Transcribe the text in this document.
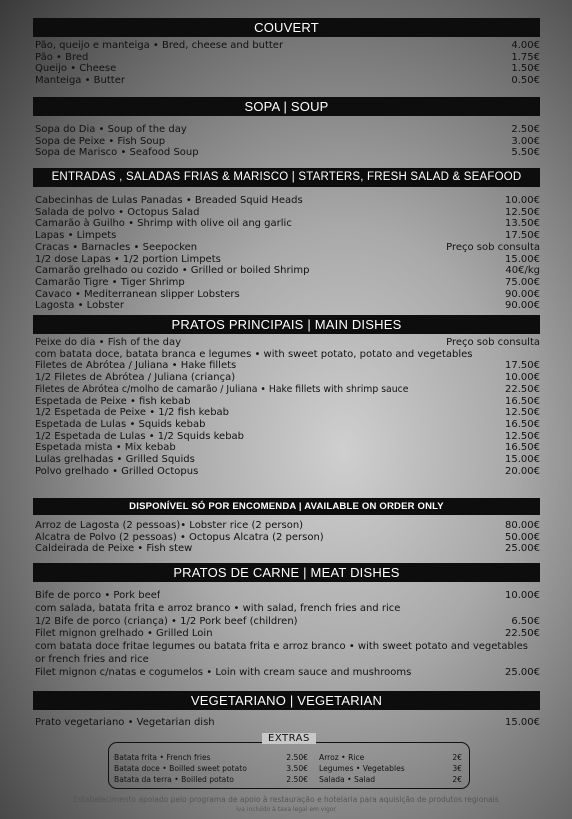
COUVERT
Pão, queijo e manteiga • Bred, cheese and butter	4.00€
Pão • Bred	1.75€
Queijo • Cheese	1.50€
Manteiga • Butter	0.50€
SOPA | SOUP
Sopa do Dia • Soup of the day	2.50€
Sopa de Peixe • Fish Soup	3.00€
Sopa de Marisco • Seafood Soup	5.50€
ENTRADAS , SALADAS FRIAS & MARISCO | STARTERS, FRESH SALAD & SEAFOOD
Cabecinhas de Lulas Panadas • Breaded Squid Heads	10.00€
Salada de polvo • Octopus Salad	12.50€
Camarão à Guilho • Shrimp with olive oil ang garlic	13.50€
Lapas • Limpets	17.50€
Cracas • Barnacles • Seepocken	Preço sob consulta
1/2 dose Lapas • 1/2 portion Limpets	15.00€
Camarão grelhado ou cozido • Grilled or boiled Shrimp	40€/kg
Camarão Tigre • Tiger Shrimp	75.00€
Cavaco • Mediterranean slipper Lobsters	90.00€
Lagosta • Lobster	90.00€
PRATOS PRINCIPAIS | MAIN DISHES
Peixe do dia • Fish of the day	Preço sob consulta
com batata doce, batata branca e legumes • with sweet potato, potato and vegetables
Filetes de Abrótea / Juliana • Hake fillets	17.50€
1/2 Filetes de Abrótea / Juliana (criança)	10.00€
Filetes de Abrótea c/molho de camarão / Juliana • Hake fillets with shrimp sauce	22.50€
Espetada de Peixe • fish kebab	16.50€
1/2 Espetada de Peixe • 1/2 fish kebab	12.50€
Espetada de Lulas • Squids kebab	16.50€
1/2 Espetada de Lulas • 1/2 Squids kebab	12.50€
Espetada mista • Mix kebab	16.50€
Lulas grelhadas • Grilled Squids	15.00€
Polvo grelhado • Grilled Octopus	20.00€
DISPONÍVEL SÓ POR ENCOMENDA | AVAILABLE ON ORDER ONLY
Arroz de Lagosta (2 pessoas)• Lobster rice (2 person)	80.00€
Alcatra de Polvo (2 pessoas) • Octopus Alcatra (2 person)	50.00€
Caldeirada de Peixe • Fish stew	25.00€
PRATOS DE CARNE | MEAT DISHES
Bife de porco • Pork beef	10.00€
com salada, batata frita e arroz branco • with salad, french fries and rice
1/2 Bife de porco (criança) • 1/2 Pork beef (children)	6.50€
Filet mignon grelhado • Grilled Loin	22.50€
com batata doce fritae legumes ou batata frita e arroz branco • with sweet potato and vegetables or french fries and rice
Filet mignon c/natas e cogumelos • Loin with cream sauce and mushrooms	25.00€
VEGETARIANO | VEGETARIAN
Prato vegetariano • Vegetarian dish	15.00€
EXTRAS
Batata frita • French fries	2.50€
Batata doce • Boilled sweet potato	3.50€
Batata da terra • Boilled potato	2.50€
Arroz • Rice	2€
Legumes • Vegetables	3€
Salada • Salad	2€
Estabelecimento apoiado pelo programa de apoio à restauração e hotelaria para aquisição de produtos regionais
iva incluído à taxa legal em vigor
